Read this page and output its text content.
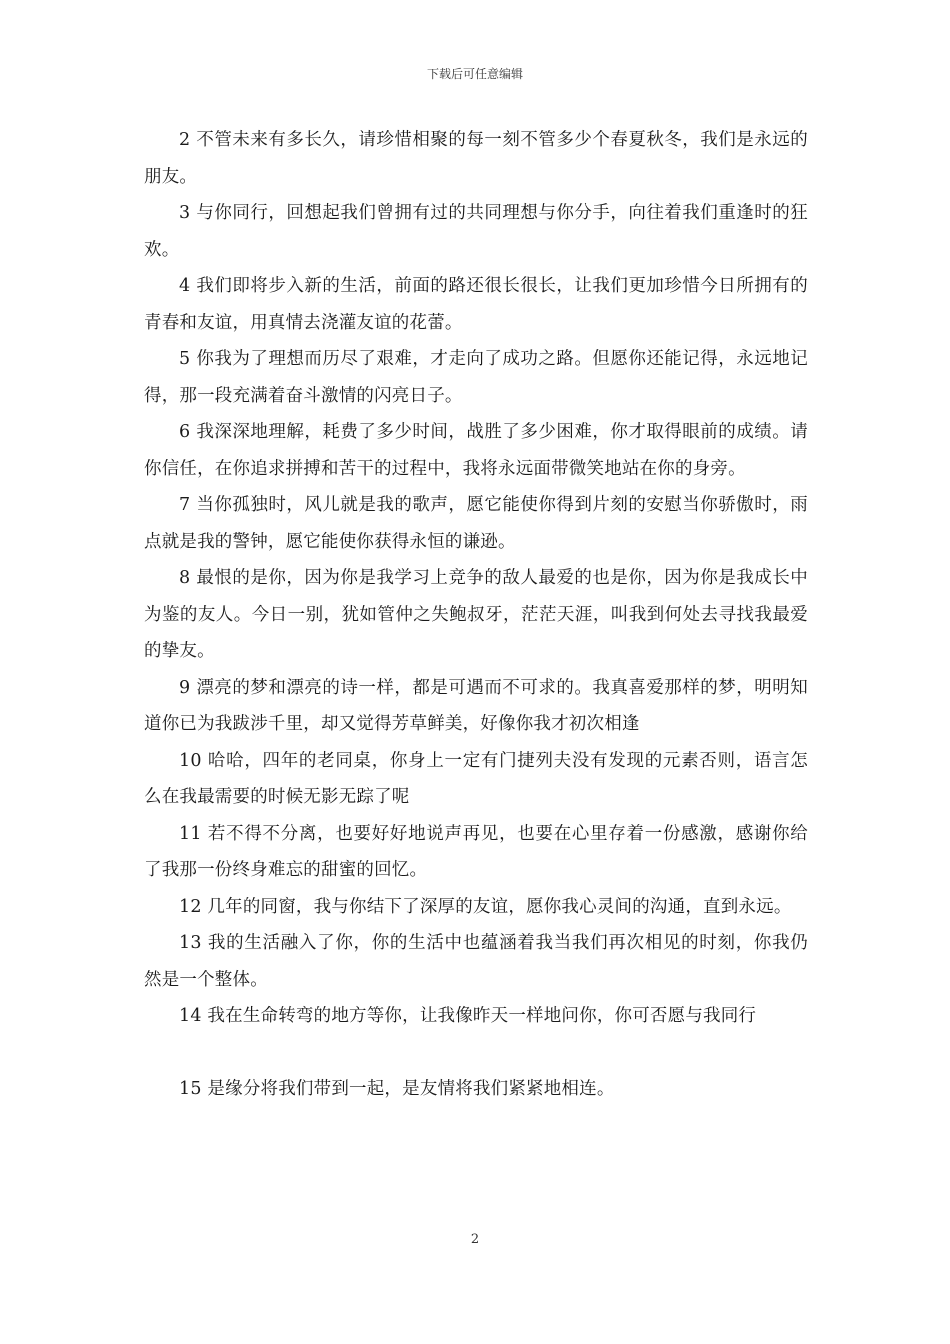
下载后可任意编辑

2 不管未来有多长久，请珍惜相聚的每一刻不管多少个春夏秋冬，我们是永远的朋友。

3 与你同行，回想起我们曾拥有过的共同理想与你分手，向往着我们重逢时的狂欢。

4 我们即将步入新的生活，前面的路还很长很长，让我们更加珍惜今日所拥有的青春和友谊，用真情去浇灌友谊的花蕾。

5 你我为了理想而历尽了艰难，才走向了成功之路。但愿你还能记得，永远地记得，那一段充满着奋斗激情的闪亮日子。

6 我深深地理解，耗费了多少时间，战胜了多少困难，你才取得眼前的成绩。请你信任，在你追求拼搏和苦干的过程中，我将永远面带微笑地站在你的身旁。

7 当你孤独时，风儿就是我的歌声，愿它能使你得到片刻的安慰当你骄傲时，雨点就是我的警钟，愿它能使你获得永恒的谦逊。

8 最恨的是你，因为你是我学习上竞争的敌人最爱的也是你，因为你是我成长中为鉴的友人。今日一别，犹如管仲之失鲍叔牙，茫茫天涯，叫我到何处去寻找我最爱的挚友。

9 漂亮的梦和漂亮的诗一样，都是可遇而不可求的。我真喜爱那样的梦，明明知道你已为我跋涉千里，却又觉得芳草鲜美，好像你我才初次相逢

10 哈哈，四年的老同桌，你身上一定有门捷列夫没有发现的元素否则，语言怎么在我最需要的时候无影无踪了呢

11 若不得不分离，也要好好地说声再见，也要在心里存着一份感激，感谢你给了我那一份终身难忘的甜蜜的回忆。

12 几年的同窗，我与你结下了深厚的友谊，愿你我心灵间的沟通，直到永远。

13 我的生活融入了你，你的生活中也蕴涵着我当我们再次相见的时刻，你我仍然是一个整体。

14 我在生命转弯的地方等你，让我像昨天一样地问你，你可否愿与我同行

15 是缘分将我们带到一起，是友情将我们紧紧地相连。

2
